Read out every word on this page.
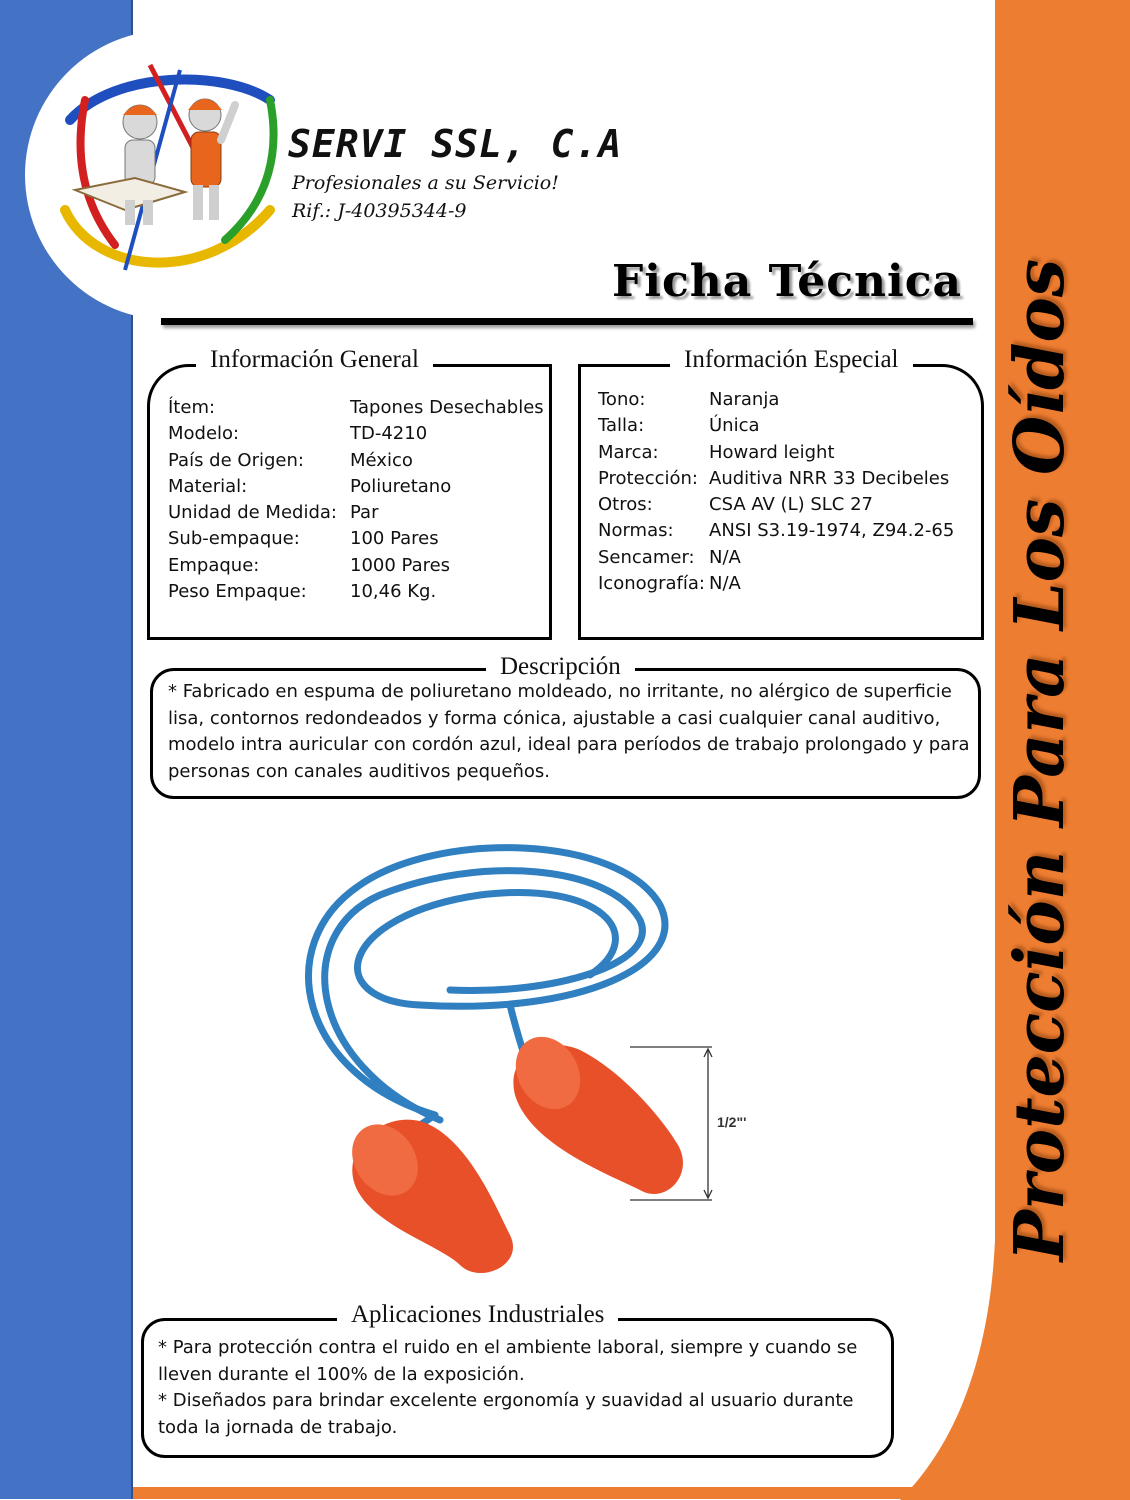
SERVI SSL, C.A
Profesionales a su Servicio!
Rif.: J-40395344-9
Ficha Técnica Protección Para Los Oídos
Información General
Ítem:	Tapones Desechables
Modelo:	TD-4210
País de Origen:	México
Material:	Poliuretano
Unidad de Medida: Par
Sub-empaque:	100 Pares
Empaque:	1000 Pares
Peso Empaque:	10,46 Kg.
Información Especial
Tono:	Naranja
Talla:	Única
Marca:	Howard leight
Protección: Auditiva NRR 33 Decibeles
Otros:	CSA AV (L) SLC 27
Normas:	ANSI S3.19-1974, Z94.2-65
Sencamer: N/A
Iconografía: N/A
Descripción
* Fabricado en espuma de poliuretano moldeado, no irritante, no alérgico de superficie
lisa, contornos redondeados y forma cónica, ajustable a casi cualquier canal auditivo,
modelo intra auricular con cordón azul, ideal para períodos de trabajo prolongado y para
personas con canales auditivos pequeños.
1/2"'
Aplicaciones Industriales
* Para protección contra el ruido en el ambiente laboral, siempre y cuando se
lleven durante el 100% de la exposición.
* Diseñados para brindar excelente ergonomía y suavidad al usuario durante
toda la jornada de trabajo.
